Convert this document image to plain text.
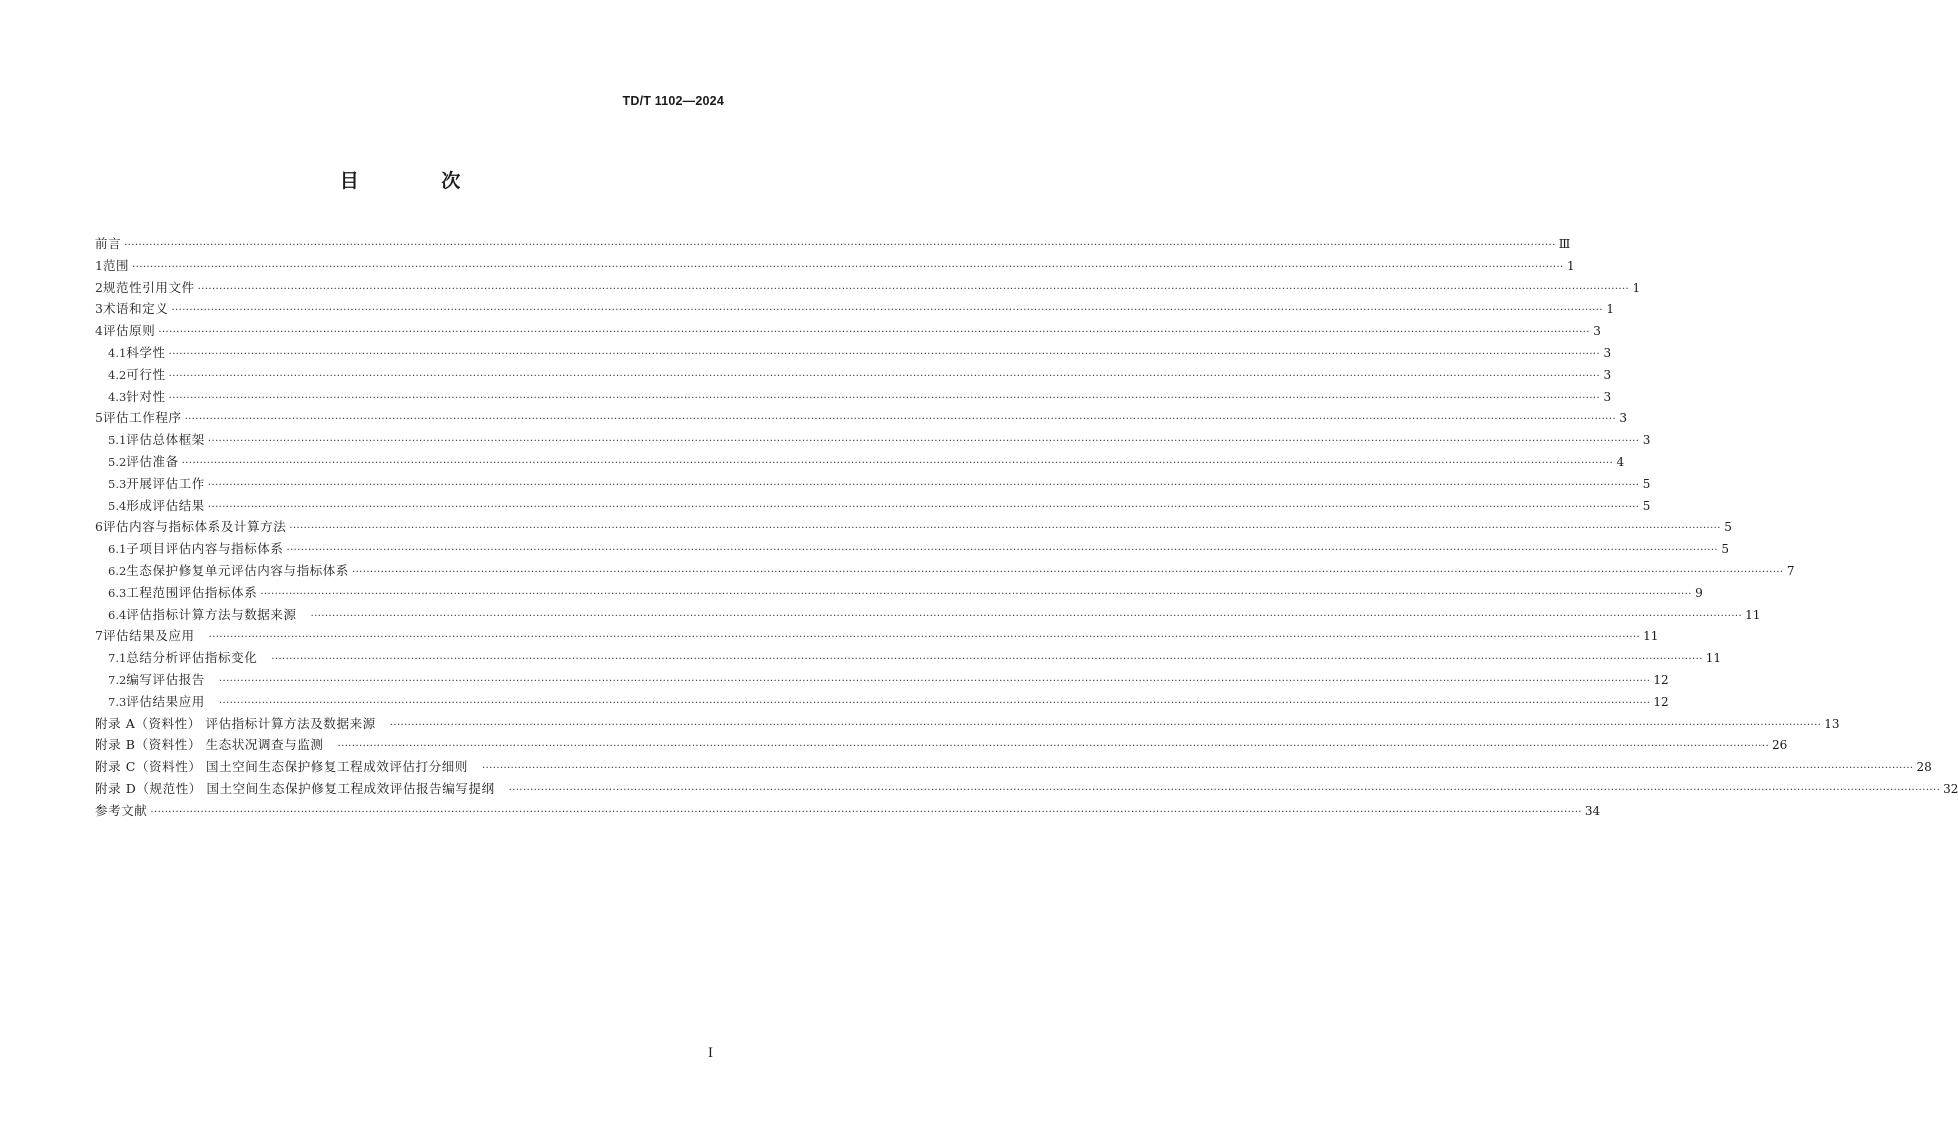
TD/T 1102—2024
目 次
前言 ················································································································································································································································································································································································································ Ⅲ
1 范围 ················································································································································································································································································································································································································ 1
2 规范性引用文件 ················································································································································································································································································································································································································ 1
3 术语和定义 ················································································································································································································································································································································································································ 1
4 评估原则 ················································································································································································································································································································································································································ 3
4.1 科学性 ················································································································································································································································································································································································································ 3
4.2 可行性 ················································································································································································································································································································································································································ 3
4.3 针对性 ················································································································································································································································································································································································································ 3
5 评估工作程序 ················································································································································································································································································································································································································ 3
5.1 评估总体框架 ················································································································································································································································································································································································································ 3
5.2 评估准备 ················································································································································································································································································································································································································ 4
5.3 开展评估工作 ················································································································································································································································································································································································································ 5
5.4 形成评估结果 ················································································································································································································································································································································································································ 5
6 评估内容与指标体系及计算方法 ················································································································································································································································································································································································································ 5
6.1 子项目评估内容与指标体系 ················································································································································································································································································································································································································ 5
6.2 生态保护修复单元评估内容与指标体系 ················································································································································································································································································································································································································ 7
6.3 工程范围评估指标体系 ················································································································································································································································································································································································································ 9
6.4 评估指标计算方法与数据来源 ················································································································································································································································································································································································································ 11
7 评估结果及应用 ················································································································································································································································································································································································································ 11
7.1 总结分析评估指标变化 ················································································································································································································································································································································································································ 11
7.2 编写评估报告 ················································································································································································································································································································································································································ 12
7.3 评估结果应用 ················································································································································································································································································································································································································ 12
附录 A（资料性） 评估指标计算方法及数据来源 ················································································································································································································································································································································································································ 13
附录 B（资料性） 生态状况调查与监测 ················································································································································································································································································································································································································ 26
附录 C（资料性） 国土空间生态保护修复工程成效评估打分细则 ················································································································································································································································································································································································································ 28
附录 D（规范性） 国土空间生态保护修复工程成效评估报告编写提纲 ················································································································································································································································································································································································································ 32
参考文献 ················································································································································································································································································································································································································ 34
I
